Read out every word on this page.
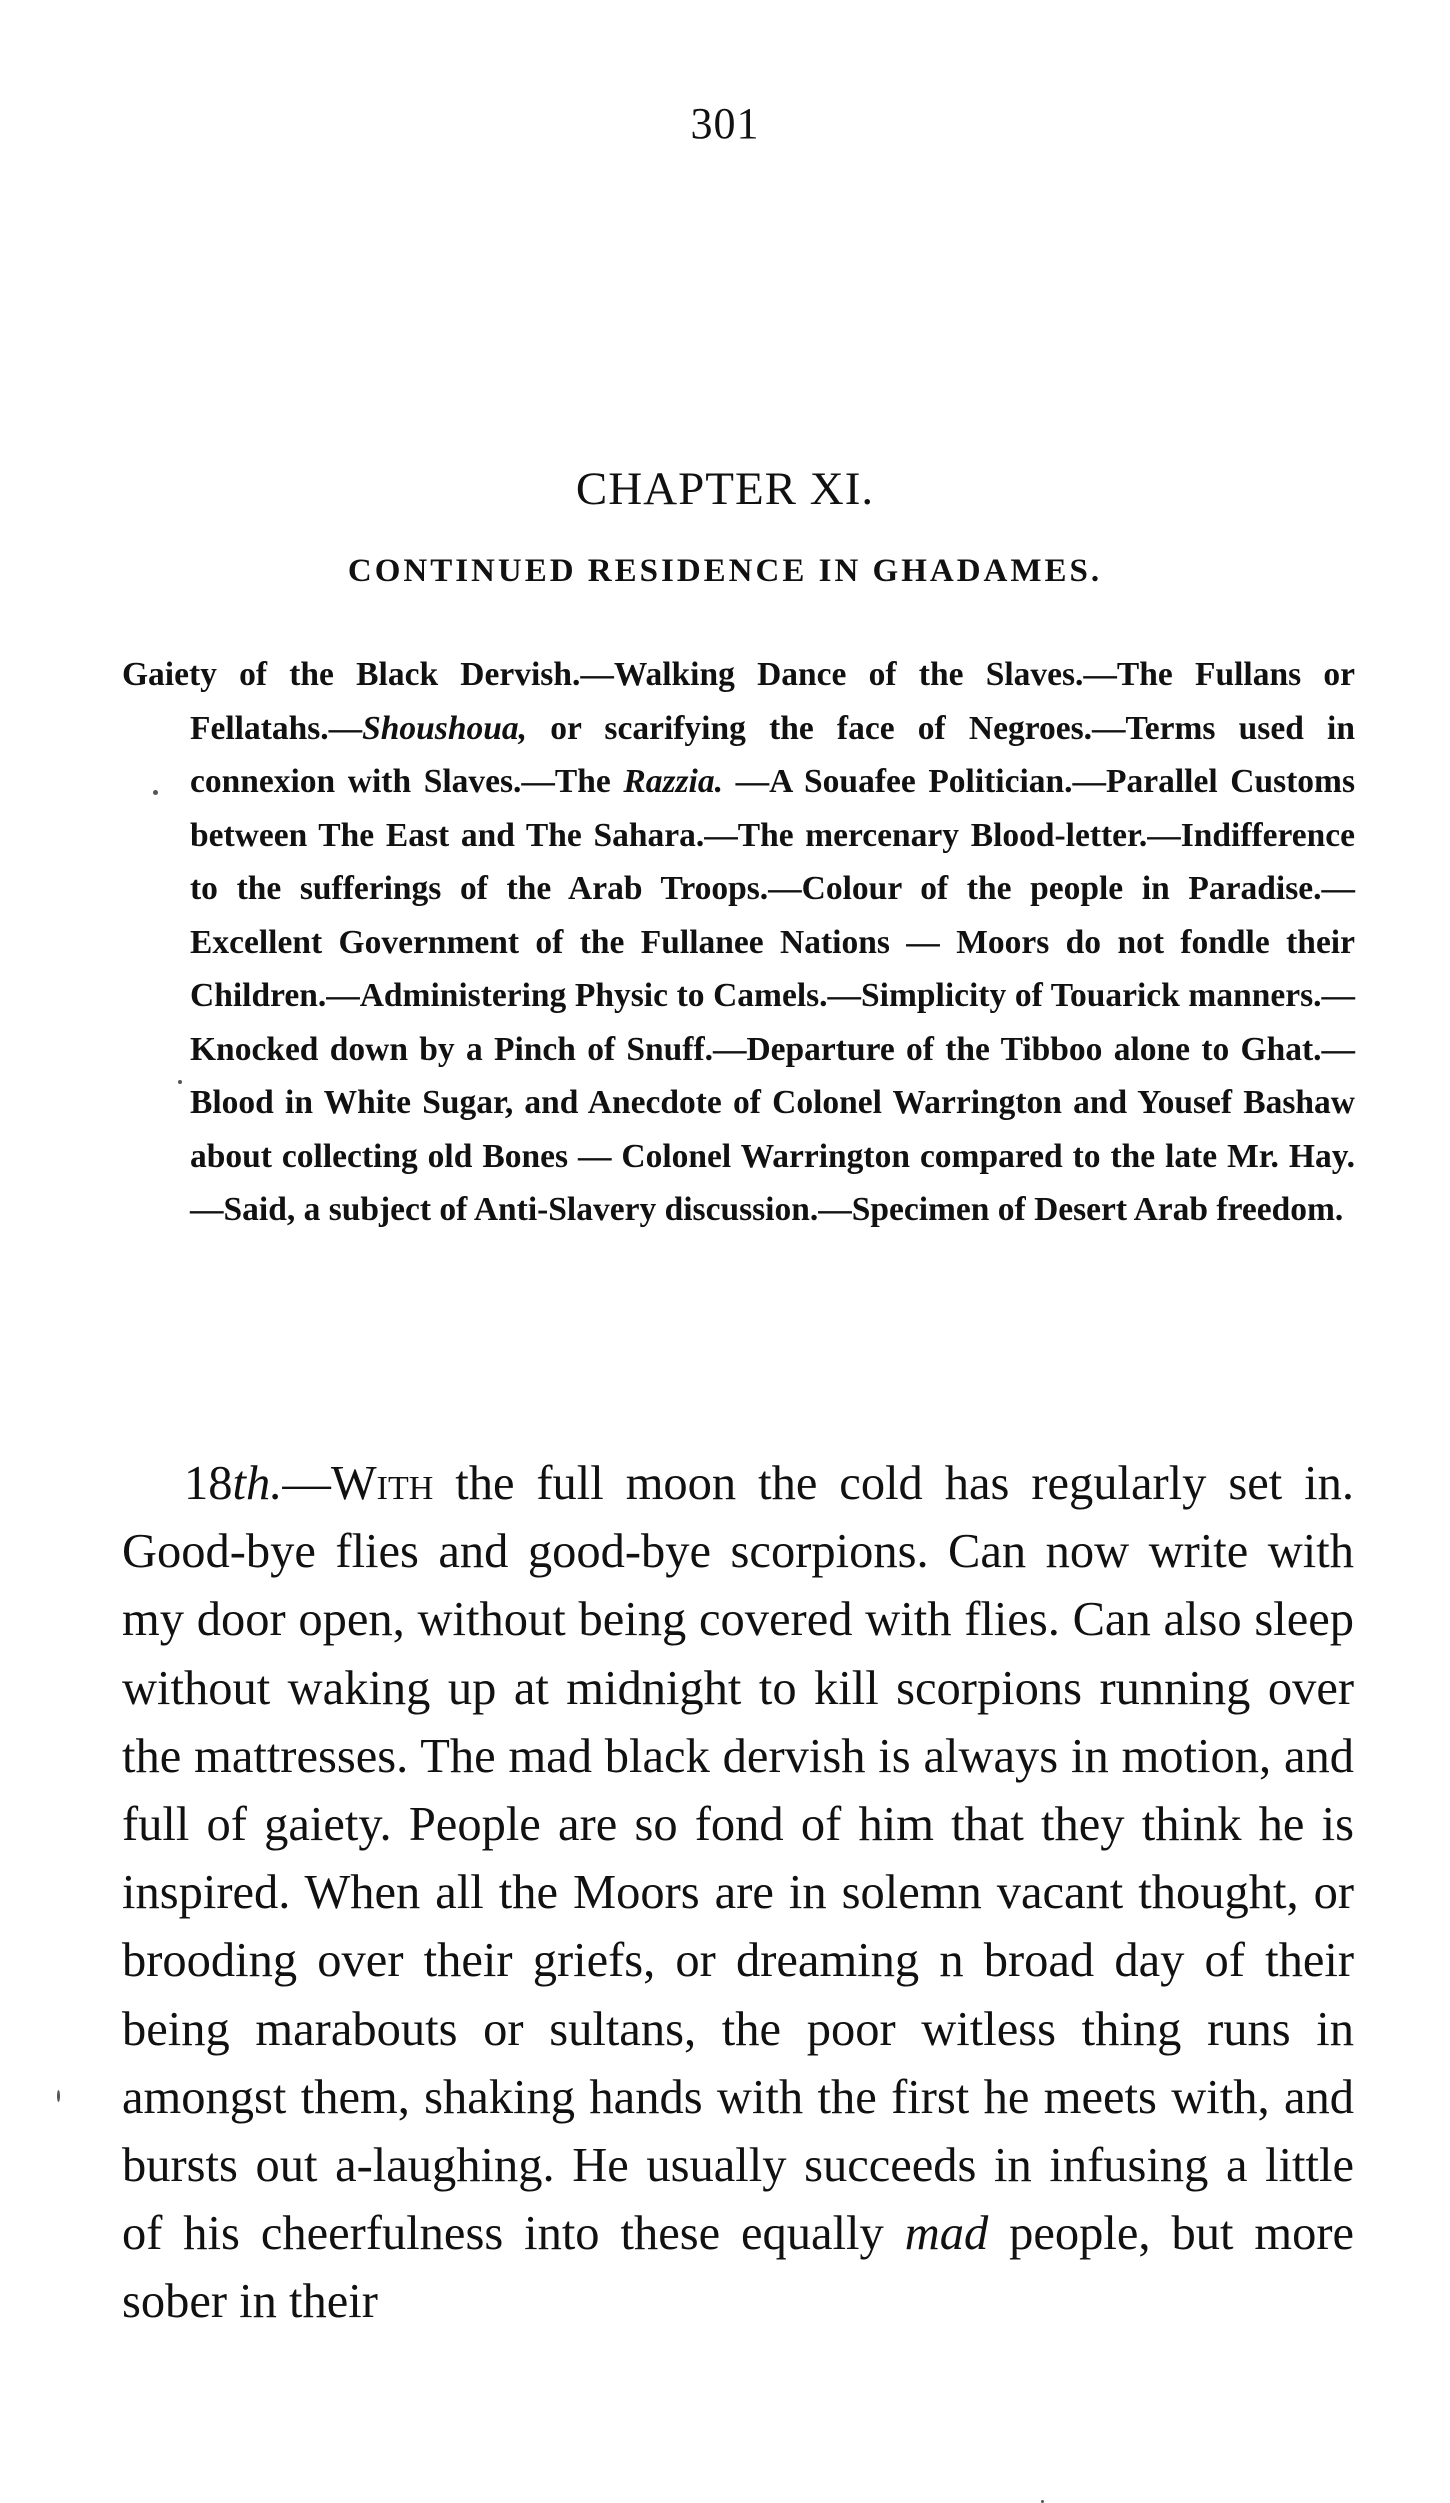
301
CHAPTER XI.
CONTINUED RESIDENCE IN GHADAMES.

Gaiety of the Black Dervish.—Walking Dance of the Slaves.—The Fullans or Fellatahs.—Shoushoua, or scarifying the face of Negroes.—Terms used in connexion with Slaves.—The Razzia. —A Souafee Politician.—Parallel Customs between The East and The Sahara.—The mercenary Blood-letter.—Indifference to the sufferings of the Arab Troops.—Colour of the people in Paradise.—Excellent Government of the Fullanee Nations — Moors do not fondle their Children.—Administering Physic to Camels.—Simplicity of Touarick manners.—Knocked down by a Pinch of Snuff.—Departure of the Tibboo alone to Ghat.— Blood in White Sugar, and Anecdote of Colonel Warrington and Yousef Bashaw about collecting old Bones — Colonel Warrington compared to the late Mr. Hay.—Said, a subject of Anti-Slavery discussion.—Specimen of Desert Arab freedom.

18th.—With the full moon the cold has regularly set in. Good-bye flies and good-bye scorpions. Can now write with my door open, without being covered with flies. Can also sleep without waking up at midnight to kill scorpions running over the mattresses. The mad black dervish is always in motion, and full of gaiety. People are so fond of him that they think he is inspired. When all the Moors are in solemn vacant thought, or brooding over their griefs, or dreaming n broad day of their being marabouts or sultans, the poor witless thing runs in amongst them, shaking hands with the first he meets with, and bursts out a-laughing. He usually succeeds in infusing a little of his cheerfulness into these equally mad people, but more sober in their
